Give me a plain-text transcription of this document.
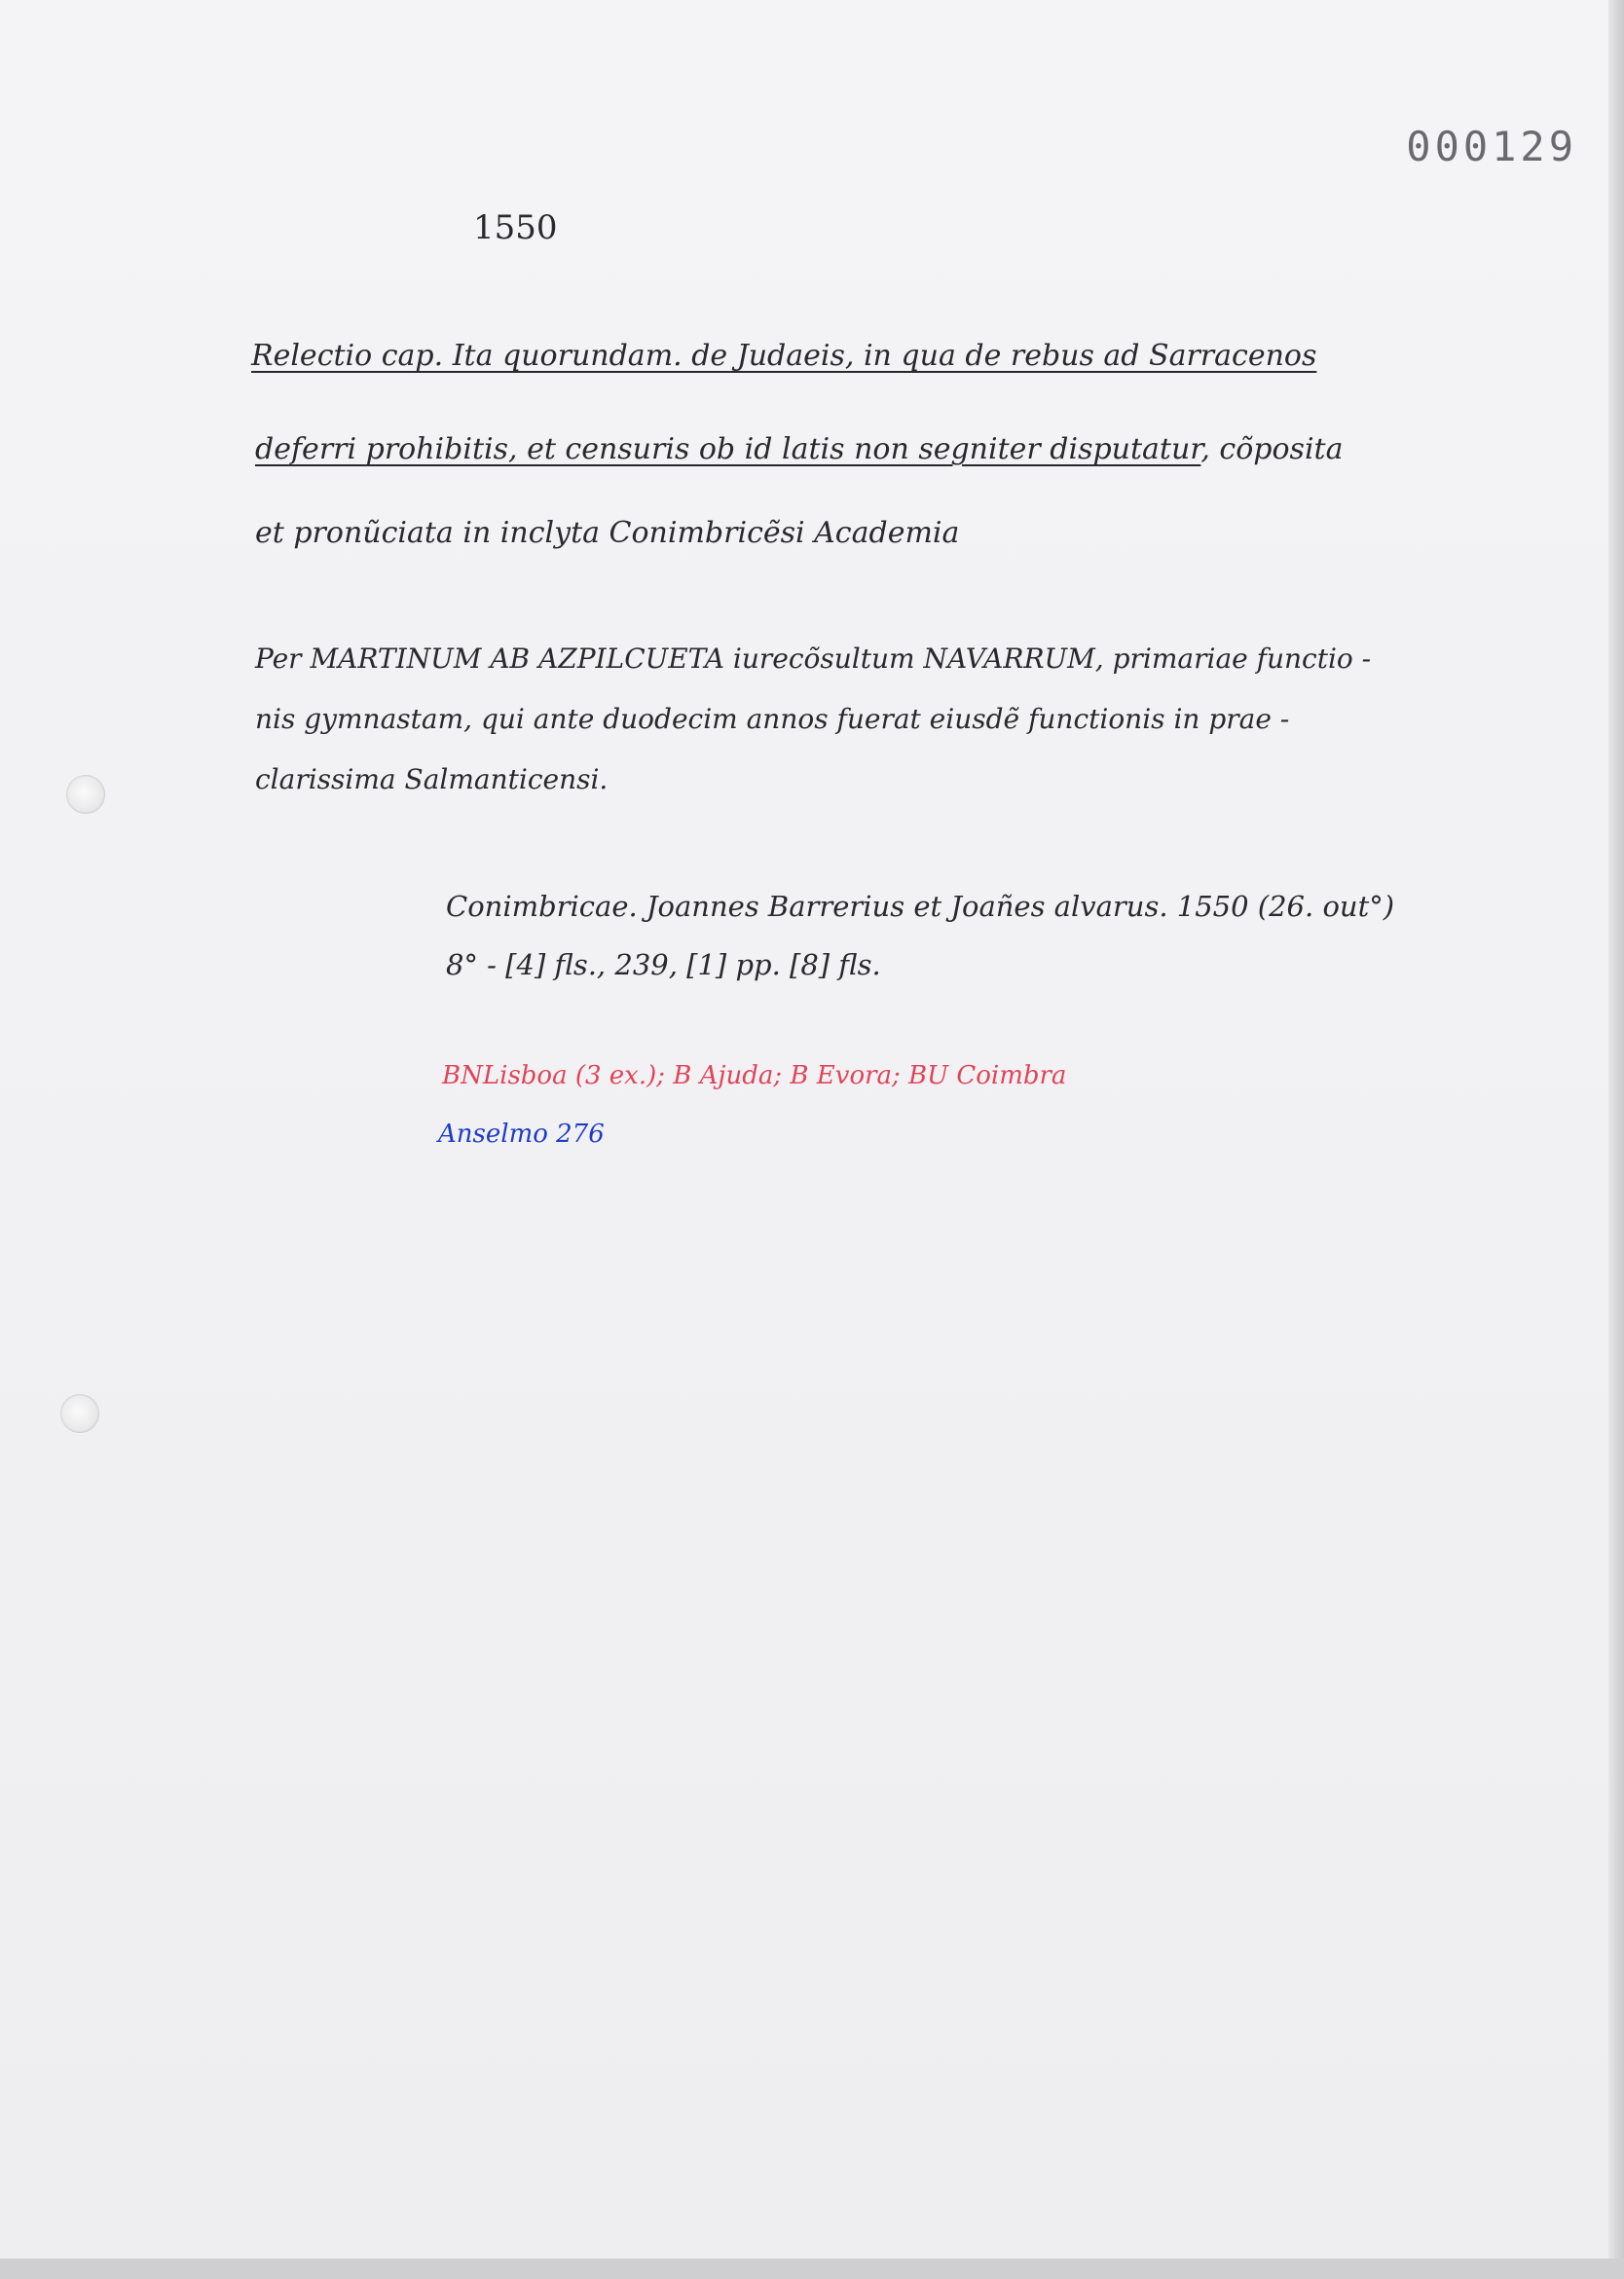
000129
1550
Relectio cap. Ita quorundam. de Judaeis, in qua de rebus ad Sarracenos
deferri prohibitis, et censuris ob id latis non segniter disputatur, cõposita
et pronũciata in inclyta Conimbricẽsi Academia
Per MARTINUM AB AZPILCUETA iurecõsultum NAVARRUM, primariae functio -
nis gymnastam, qui ante duodecim annos fuerat eiusdẽ functionis in prae -
clarissima Salmanticensi.
Conimbricae. Joannes Barrerius et Joañes alvarus. 1550 (26. out°)
8° - [4] fls., 239, [1] pp. [8] fls.
BNLisboa (3 ex.); B Ajuda; B Evora; BU Coimbra
Anselmo 276
